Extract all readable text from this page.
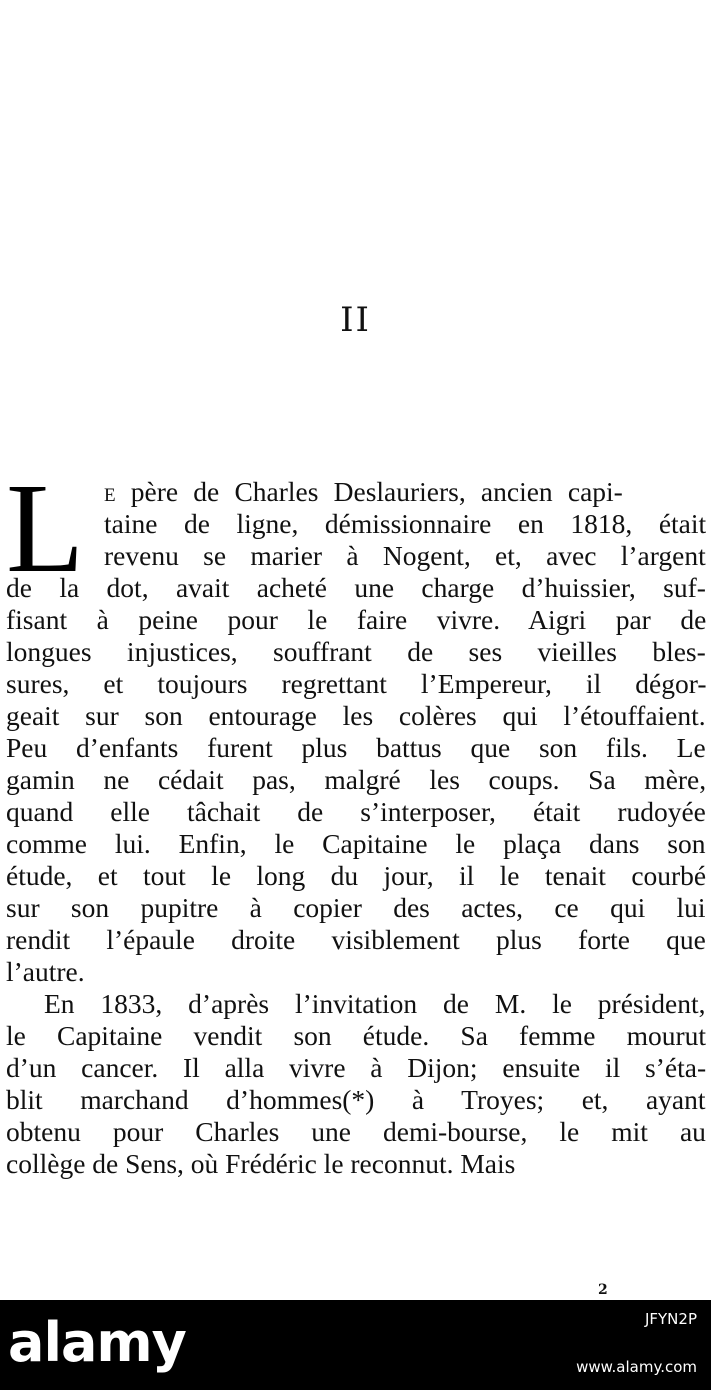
II
L e père de Charles Deslauriers, ancien capi-
taine de ligne, démissionnaire en 1818, était
revenu se marier à Nogent, et, avec l’argent
de la dot, avait acheté une charge d’huissier, suf-
fisant à peine pour le faire vivre. Aigri par de
longues injustices, souffrant de ses vieilles bles-
sures, et toujours regrettant l’Empereur, il dégor-
geait sur son entourage les colères qui l’étouffaient.
Peu d’enfants furent plus battus que son fils. Le
gamin ne cédait pas, malgré les coups. Sa mère,
quand elle tâchait de s’interposer, était rudoyée
comme lui. Enfin, le Capitaine le plaça dans son
étude, et tout le long du jour, il le tenait courbé
sur son pupitre à copier des actes, ce qui lui
rendit l’épaule droite visiblement plus forte que
l’autre.
En 1833, d’après l’invitation de M. le président,
le Capitaine vendit son étude. Sa femme mourut
d’un cancer. Il alla vivre à Dijon; ensuite il s’éta-
blit marchand d’hommes(*) à Troyes; et, ayant
obtenu pour Charles une demi-bourse, le mit au
collège de Sens, où Frédéric le reconnut. Mais
2
alamy	JFYN2P
www.alamy.com
